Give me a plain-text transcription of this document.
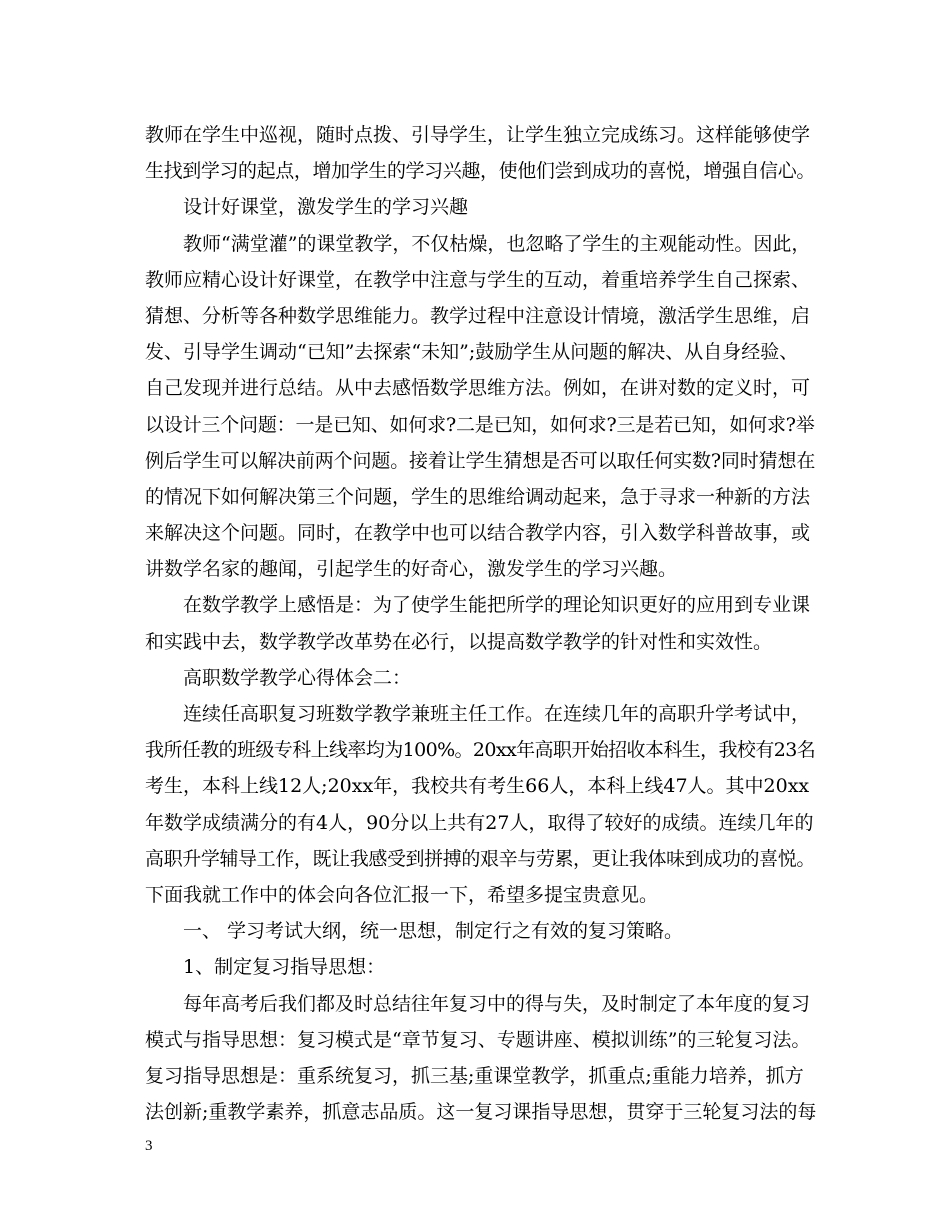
教师在学生中巡视，随时点拨、引导学生，让学生独立完成练习。这样能够使学
生找到学习的起点，增加学生的学习兴趣，使他们尝到成功的喜悦，增强自信心。
设计好课堂，激发学生的学习兴趣
教师“满堂灌”的课堂教学，不仅枯燥，也忽略了学生的主观能动性。因此，
教师应精心设计好课堂，在教学中注意与学生的互动，着重培养学生自己探索、
猜想、分析等各种数学思维能力。教学过程中注意设计情境，激活学生思维，启
发、引导学生调动“已知”去探索“未知”;鼓励学生从问题的解决、从自身经验、
自己发现并进行总结。从中去感悟数学思维方法。例如，在讲对数的定义时，可
以设计三个问题：一是已知、如何求?二是已知，如何求?三是若已知，如何求?举
例后学生可以解决前两个问题。接着让学生猜想是否可以取任何实数?同时猜想在
的情况下如何解决第三个问题，学生的思维给调动起来，急于寻求一种新的方法
来解决这个问题。同时，在教学中也可以结合教学内容，引入数学科普故事，或
讲数学名家的趣闻，引起学生的好奇心，激发学生的学习兴趣。
在数学教学上感悟是：为了使学生能把所学的理论知识更好的应用到专业课
和实践中去，数学教学改革势在必行，以提高数学教学的针对性和实效性。
高职数学教学心得体会二：
连续任高职复习班数学教学兼班主任工作。在连续几年的高职升学考试中，
我所任教的班级专科上线率均为100%。20xx年高职开始招收本科生，我校有23名
考生，本科上线12人;20xx年，我校共有考生66人，本科上线47人。其中20xx
年数学成绩满分的有4人，90分以上共有27人，取得了较好的成绩。连续几年的
高职升学辅导工作，既让我感受到拼搏的艰辛与劳累，更让我体味到成功的喜悦。
下面我就工作中的体会向各位汇报一下，希望多提宝贵意见。
一、 学习考试大纲，统一思想，制定行之有效的复习策略。
1、制定复习指导思想：
每年高考后我们都及时总结往年复习中的得与失，及时制定了本年度的复习
模式与指导思想：复习模式是“章节复习、专题讲座、模拟训练”的三轮复习法。
复习指导思想是：重系统复习，抓三基;重课堂教学，抓重点;重能力培养，抓方
法创新;重教学素养，抓意志品质。这一复习课指导思想，贯穿于三轮复习法的每
3
